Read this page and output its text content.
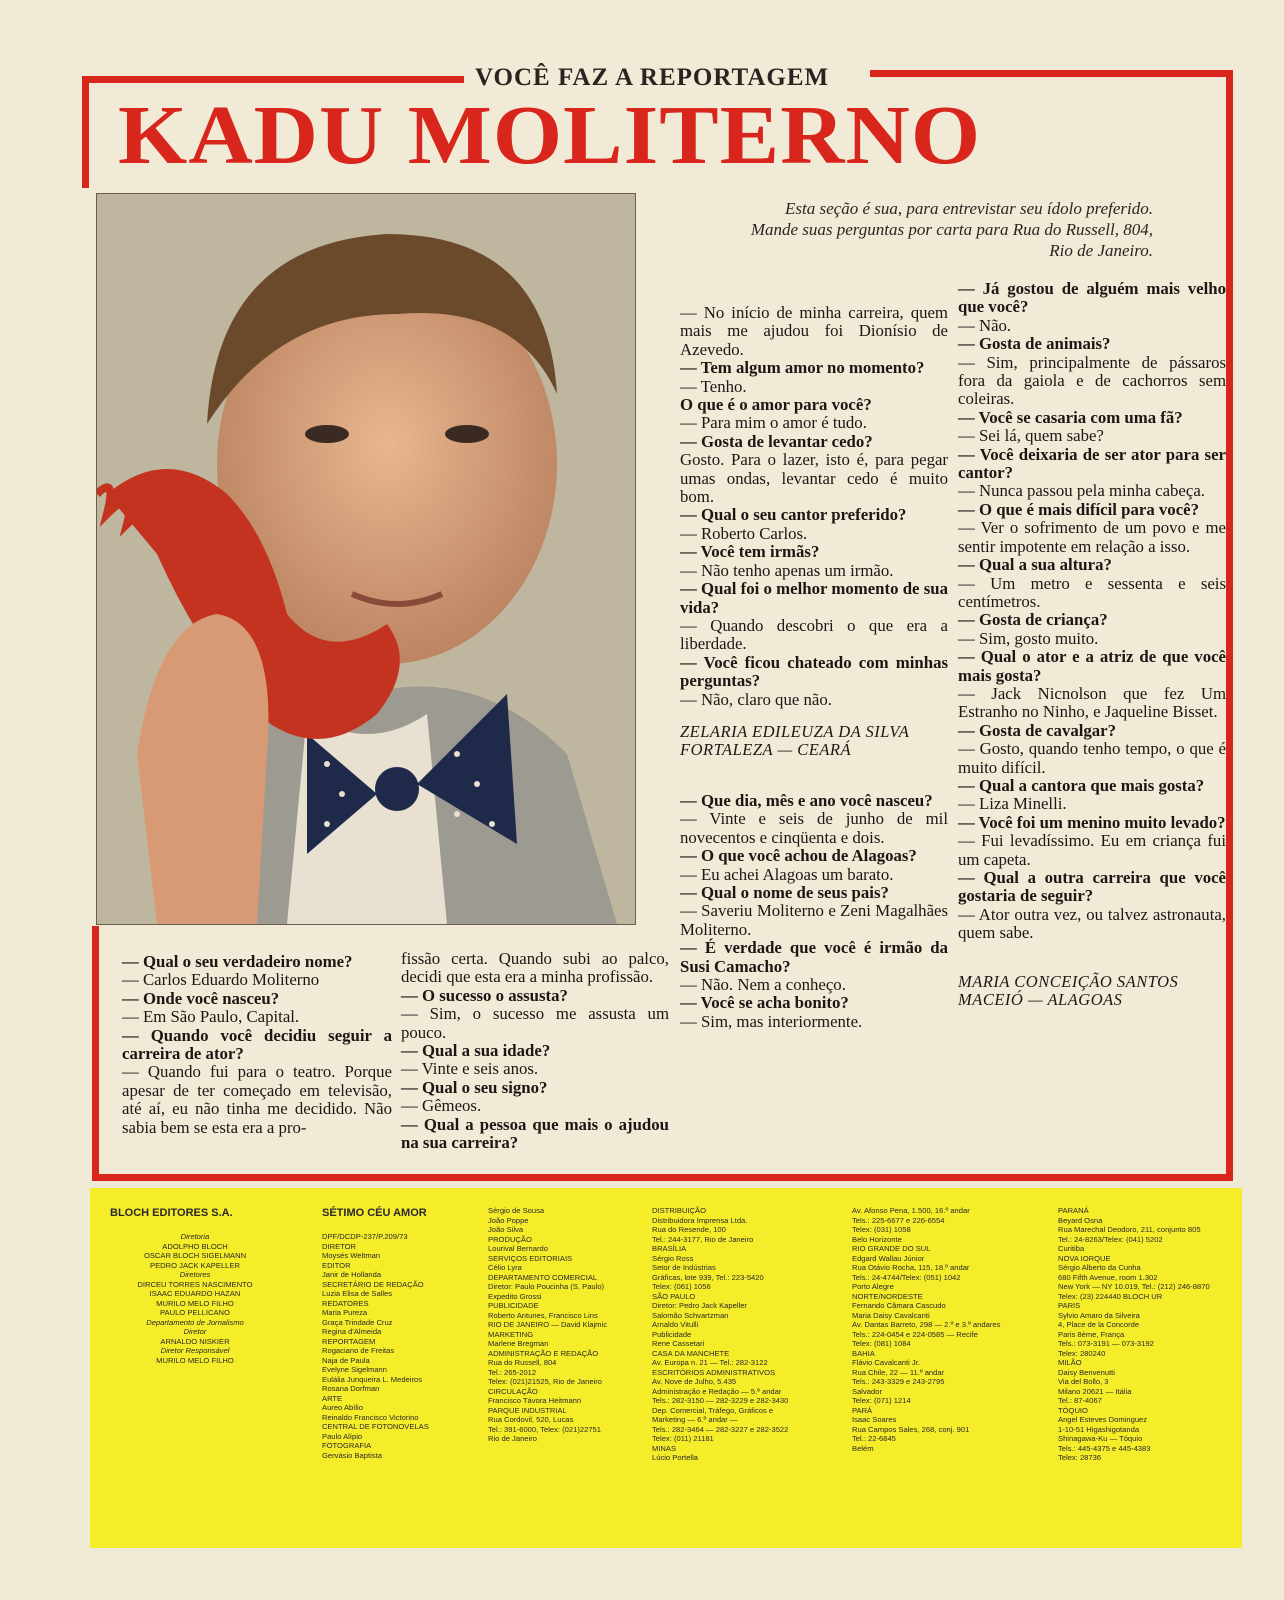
VOCÊ FAZ A REPORTAGEM
KADU MOLITERNO
Esta seção é sua, para entrevistar seu ídolo preferido. Mande suas perguntas por carta para Rua do Russell, 804, Rio de Janeiro.

— No início de minha carreira, quem mais me ajudou foi Dionísio de Azevedo.

— Tem algum amor no momento?

— Tenho.

O que é o amor para você?

— Para mim o amor é tudo.

— Gosta de levantar cedo?

Gosto. Para o lazer, isto é, para pegar umas ondas, levantar cedo é muito bom.

— Qual o seu cantor preferido?

— Roberto Carlos.

— Você tem irmãs?

— Não tenho apenas um irmão.

— Qual foi o melhor momento de sua vida?

— Quando descobri o que era a liberdade.

— Você ficou chateado com minhas perguntas?

— Não, claro que não.

ZELARIA EDILEUZA DA SILVA

FORTALEZA — CEARÁ

— Que dia, mês e ano você nasceu?

— Vinte e seis de junho de mil novecentos e cinqüenta e dois.

— O que você achou de Alagoas?

— Eu achei Alagoas um barato.

— Qual o nome de seus pais?

— Saveriu Moliterno e Zeni Magalhães Moliterno.

— É verdade que você é irmão da Susi Camacho?

— Não. Nem a conheço.

— Você se acha bonito?

— Sim, mas interiormente.

— Já gostou de alguém mais velho que você?

— Não.

— Gosta de animais?

— Sim, principalmente de pássaros fora da gaiola e de cachorros sem coleiras.

— Você se casaria com uma fã?

— Sei lá, quem sabe?

— Você deixaria de ser ator para ser cantor?

— Nunca passou pela minha cabeça.

— O que é mais difícil para você?

— Ver o sofrimento de um povo e me sentir impotente em relação a isso.

— Qual a sua altura?

— Um metro e sessenta e seis centímetros.

— Gosta de criança?

— Sim, gosto muito.

— Qual o ator e a atriz de que você mais gosta?

— Jack Nicnolson que fez Um Estranho no Ninho, e Jaqueline Bisset.

— Gosta de cavalgar?

— Gosto, quando tenho tempo, o que é muito difícil.

— Qual a cantora que mais gosta?

— Liza Minelli.

— Você foi um menino muito levado?

— Fui levadíssimo. Eu em criança fui um capeta.

— Qual a outra carreira que você gostaria de seguir?

— Ator outra vez, ou talvez astronauta, quem sabe.

MARIA CONCEIÇÃO SANTOS

MACEIÓ — ALAGOAS

— Qual o seu verdadeiro nome?

— Carlos Eduardo Moliterno

— Onde você nasceu?

— Em São Paulo, Capital.

— Quando você decidiu seguir a carreira de ator?

— Quando fui para o teatro. Porque apesar de ter começado em televisão, até aí, eu não tinha me decidido. Não sabia bem se esta era a pro-

fissão certa. Quando subi ao palco, decidi que esta era a minha profissão.

— O sucesso o assusta?

— Sim, o sucesso me assusta um pouco.

— Qual a sua idade?

— Vinte e seis anos.

— Qual o seu signo?

— Gêmeos.

— Qual a pessoa que mais o ajudou na sua carreira?

BLOCH EDITORES S.A.

Diretoria

ADOLPHO BLOCH

OSCAR BLOCH SIGELMANN

PEDRO JACK KAPELLER

Diretores

DIRCEU TORRES NASCIMENTO

ISAAC EDUARDO HAZAN

MURILO MELO FILHO

PAULO PELLICANO

Departamento de Jornalismo

Diretor

ARNALDO NISKIER

Diretor Responsável

MURILO MELO FILHO

SÉTIMO CÉU AMOR

DPF/DCDP-237/P.209/73

DIRETOR

Moysés Weltman

EDITOR

Janir de Hollanda

SECRETÁRIO DE REDAÇÃO

Luzia Elisa de Salles

REDATORES

Maria Pureza

Graça Trindade Cruz

Regina d'Almeida

REPORTAGEM

Rogaciano de Freitas

Naja de Paula

Evelyne Sigelmann

Eulália Junqueira L. Medeiros

Rosana Dorfman

ARTE

Aureo Abílio

Reinaldo Francisco Victorino

CENTRAL DE FOTONOVELAS

Paulo Alípio

FOTOGRAFIA

Gervásio Baptista

Sérgio de Sousa

João Poppe

João Silva

PRODUÇÃO

Lourival Bernardo

SERVIÇOS EDITORIAIS

Célio Lyra

DEPARTAMENTO COMERCIAL

Diretor: Paulo Poucinha (S. Paulo)

Expedito Grossi

PUBLICIDADE

Roberto Antunes, Francisco Lins

RIO DE JANEIRO — David Klajmic

MARKETING

Marlene Bregman

ADMINISTRAÇÃO E REDAÇÃO

Rua do Russell, 804

Tel.: 265-2012

Telex: (021)21525, Rio de Janeiro

CIRCULAÇÃO

Francisco Távora Heitmann

PARQUE INDUSTRIAL

Rua Cordovil, 520, Lucas

Tel.: 391-6000, Telex: (021)22751

Rio de Janeiro

DISTRIBUIÇÃO

Distribuidora Imprensa Ltda.

Rua do Resende, 100

Tel.: 244-3177, Rio de Janeiro

BRASÍLIA

Sérgio Ross

Setor de Indústrias

Gráficas, lote 939, Tel.: 223-5420

Telex: (061) 1056

SÃO PAULO

Diretor: Pedro Jack Kapeller

Salomão Schvartzman

Arnaldo Vitulli

Publicidade

Rene Cassetari

CASA DA MANCHETE

Av. Europa n. 21 — Tel.: 282-3122

ESCRITÓRIOS ADMINISTRATIVOS

Av. Nove de Julho, 5.435

Administração e Redação — 5.º andar

Tels.: 282-3150 — 282-3229 e 282-3430

Dep. Comercial, Tráfego, Gráficos e

Marketing — 6.º andar —

Tels.: 282-3464 — 282-3227 e 282-3522

Telex: (011) 21181

MINAS

Lúcio Portella

Av. Afonso Pena, 1.500, 16.º andar

Tels.: 225-6677 e 226-6554

Telex: (031) 1058

Belo Horizonte

RIO GRANDE DO SUL

Edgard Wallau Júnior

Rua Otávio Rocha, 115, 18.º andar

Tels.: 24-4744/Telex: (051) 1042

Porto Alegre

NORTE/NORDESTE

Fernando Câmara Cascudo

Maria Daisy Cavalcanti

Av. Dantas Barreto, 298 — 2.º e 3.º andares

Tels.: 224-0454 e 224-0585 — Recife

Telex: (081) 1084

BAHIA

Flávio Cavalcanti Jr.

Rua Chile, 22 — 11.º andar

Tels.: 243-3329 e 243-2795

Salvador

Telex: (071) 1214

PARÁ

Isaac Soares

Rua Campos Sales, 268, conj. 901

Tel.: 22-6845

Belém

PARANÁ

Beyard Osna

Rua Marechal Deodoro, 211, conjunto 805

Tel.: 24-8263/Telex: (041) 5202

Curitiba

NOVA IORQUE

Sérgio Alberto da Cunha

680 Fifth Avenue, room 1.302

New York — NY 10.019, Tel.: (212) 246-8870

Telex: (23) 224440 BLOCH UR

PARIS

Sylvio Amaro da Silveira

4, Place de la Concorde

Paris 8ème, França

Tels.: 073-3191 — 073-3192

Telex: 280240

MILÃO

Daisy Benvenutti

Via del Bollo, 3

Milano 20621 — Itália

Tel.: 87-4067

TÓQUIO

Angel Esteves Dominguez

1-10-51 Higashigotanda

Shinagawa-Ku — Tóquio

Tels.: 445-4375 e 445-4383

Telex: 28736
